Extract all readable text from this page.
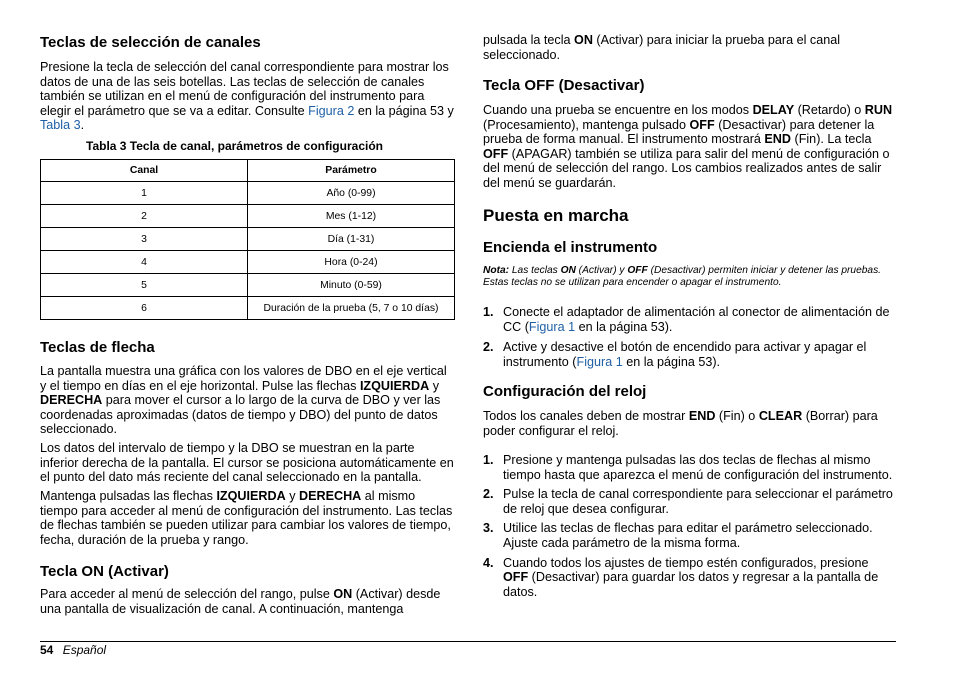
Teclas de selección de canales
Presione la tecla de selección del canal correspondiente para mostrar los datos de una de las seis botellas. Las teclas de selección de canales también se utilizan en el menú de configuración del instrumento para elegir el parámetro que se va a editar. Consulte Figura 2 en la página 53 y Tabla 3.
Tabla 3 Tecla de canal, parámetros de configuración
Canal	Parámetro
1	Año (0-99)
2	Mes (1-12)
3	Día (1-31)
4	Hora (0-24)
5	Minuto (0-59)
6	Duración de la prueba (5, 7 o 10 días)
Teclas de flecha
La pantalla muestra una gráfica con los valores de DBO en el eje vertical y el tiempo en días en el eje horizontal. Pulse las flechas IZQUIERDA y DERECHA para mover el cursor a lo largo de la curva de DBO y ver las coordenadas aproximadas (datos de tiempo y DBO) del punto de datos seleccionado.
Los datos del intervalo de tiempo y la DBO se muestran en la parte inferior derecha de la pantalla. El cursor se posiciona automáticamente en el punto del dato más reciente del canal seleccionado en la pantalla.
Mantenga pulsadas las flechas IZQUIERDA y DERECHA al mismo tiempo para acceder al menú de configuración del instrumento. Las teclas de flechas también se pueden utilizar para cambiar los valores de tiempo, fecha, duración de la prueba y rango.
Tecla ON (Activar)
Para acceder al menú de selección del rango, pulse ON (Activar) desde una pantalla de visualización de canal. A continuación, mantenga
pulsada la tecla ON (Activar) para iniciar la prueba para el canal seleccionado.
Tecla OFF (Desactivar)
Cuando una prueba se encuentre en los modos DELAY (Retardo) o RUN (Procesamiento), mantenga pulsado OFF (Desactivar) para detener la prueba de forma manual. El instrumento mostrará END (Fin). La tecla OFF (APAGAR) también se utiliza para salir del menú de configuración o del menú de selección del rango. Los cambios realizados antes de salir del menú se guardarán.
Puesta en marcha
Encienda el instrumento
Nota: Las teclas ON (Activar) y OFF (Desactivar) permiten iniciar y detener las pruebas. Estas teclas no se utilizan para encender o apagar el instrumento.
1. Conecte el adaptador de alimentación al conector de alimentación de CC (Figura 1 en la página 53).
2. Active y desactive el botón de encendido para activar y apagar el instrumento (Figura 1 en la página 53).
Configuración del reloj
Todos los canales deben de mostrar END (Fin) o CLEAR (Borrar) para poder configurar el reloj.
1. Presione y mantenga pulsadas las dos teclas de flechas al mismo tiempo hasta que aparezca el menú de configuración del instrumento.
2. Pulse la tecla de canal correspondiente para seleccionar el parámetro de reloj que desea configurar.
3. Utilice las teclas de flechas para editar el parámetro seleccionado. Ajuste cada parámetro de la misma forma.
4. Cuando todos los ajustes de tiempo estén configurados, presione OFF (Desactivar) para guardar los datos y regresar a la pantalla de datos.
54 Español
